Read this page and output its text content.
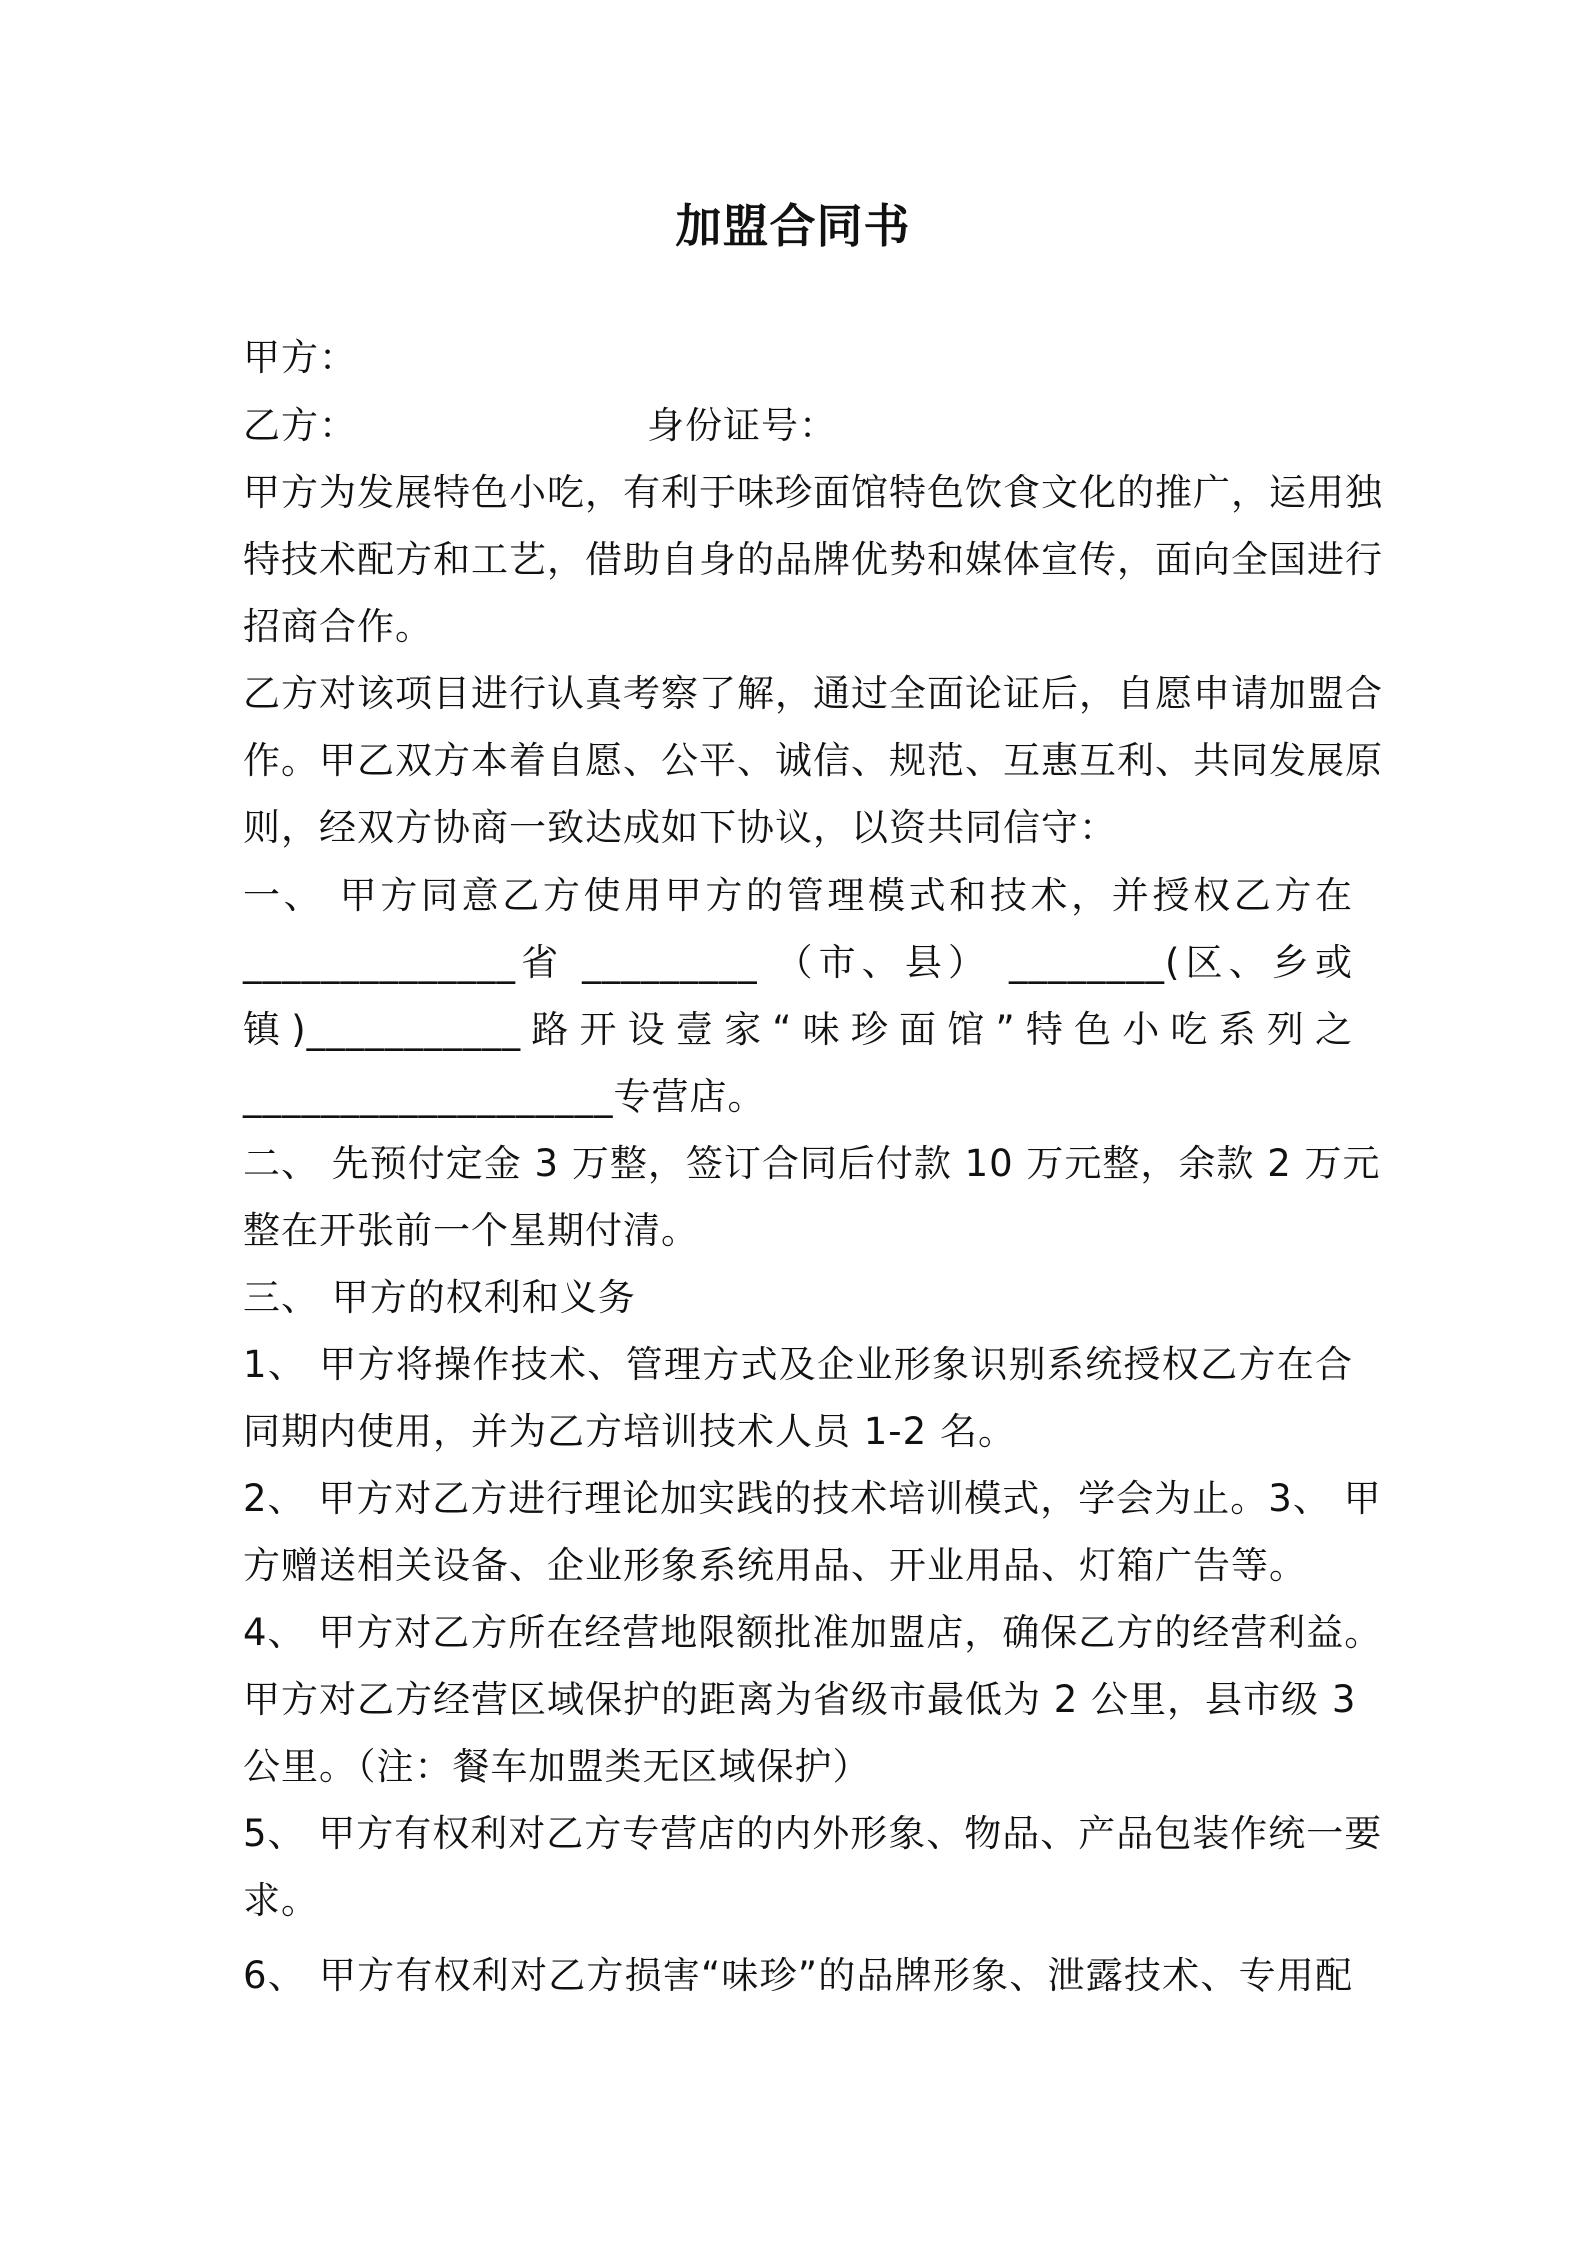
加盟合同书
甲方：
乙方：	身份证号：
甲方为发展特色小吃，有利于味珍面馆特色饮食文化的推广，运用独
特技术配方和工艺，借助自身的品牌优势和媒体宣传，面向全国进行
招商合作。
乙方对该项目进行认真考察了解，通过全面论证后，自愿申请加盟合
作。甲乙双方本着自愿、公平、诚信、规范、互惠互利、共同发展原
则，经双方协商一致达成如下协议，以资共同信守：
一、 甲方同意乙方使用甲方的管理模式和技术，并授权乙方在
______________省 _________ （市、县） ________(区、乡或
镇)___________路开设壹家“味珍面馆”特色小吃系列之
___________________专营店。
二、 先预付定金 3 万整，签订合同后付款 10 万元整，余款 2 万元
整在开张前一个星期付清。
三、 甲方的权利和义务
1、 甲方将操作技术、管理方式及企业形象识别系统授权乙方在合
同期内使用，并为乙方培训技术人员 1-2 名。
2、 甲方对乙方进行理论加实践的技术培训模式，学会为止。3、 甲
方赠送相关设备、企业形象系统用品、开业用品、灯箱广告等。
4、 甲方对乙方所在经营地限额批准加盟店，确保乙方的经营利益。
甲方对乙方经营区域保护的距离为省级市最低为 2 公里，县市级 3
公里。（注：餐车加盟类无区域保护）
5、 甲方有权利对乙方专营店的内外形象、物品、产品包装作统一要
求。
6、 甲方有权利对乙方损害“味珍”的品牌形象、泄露技术、专用配
